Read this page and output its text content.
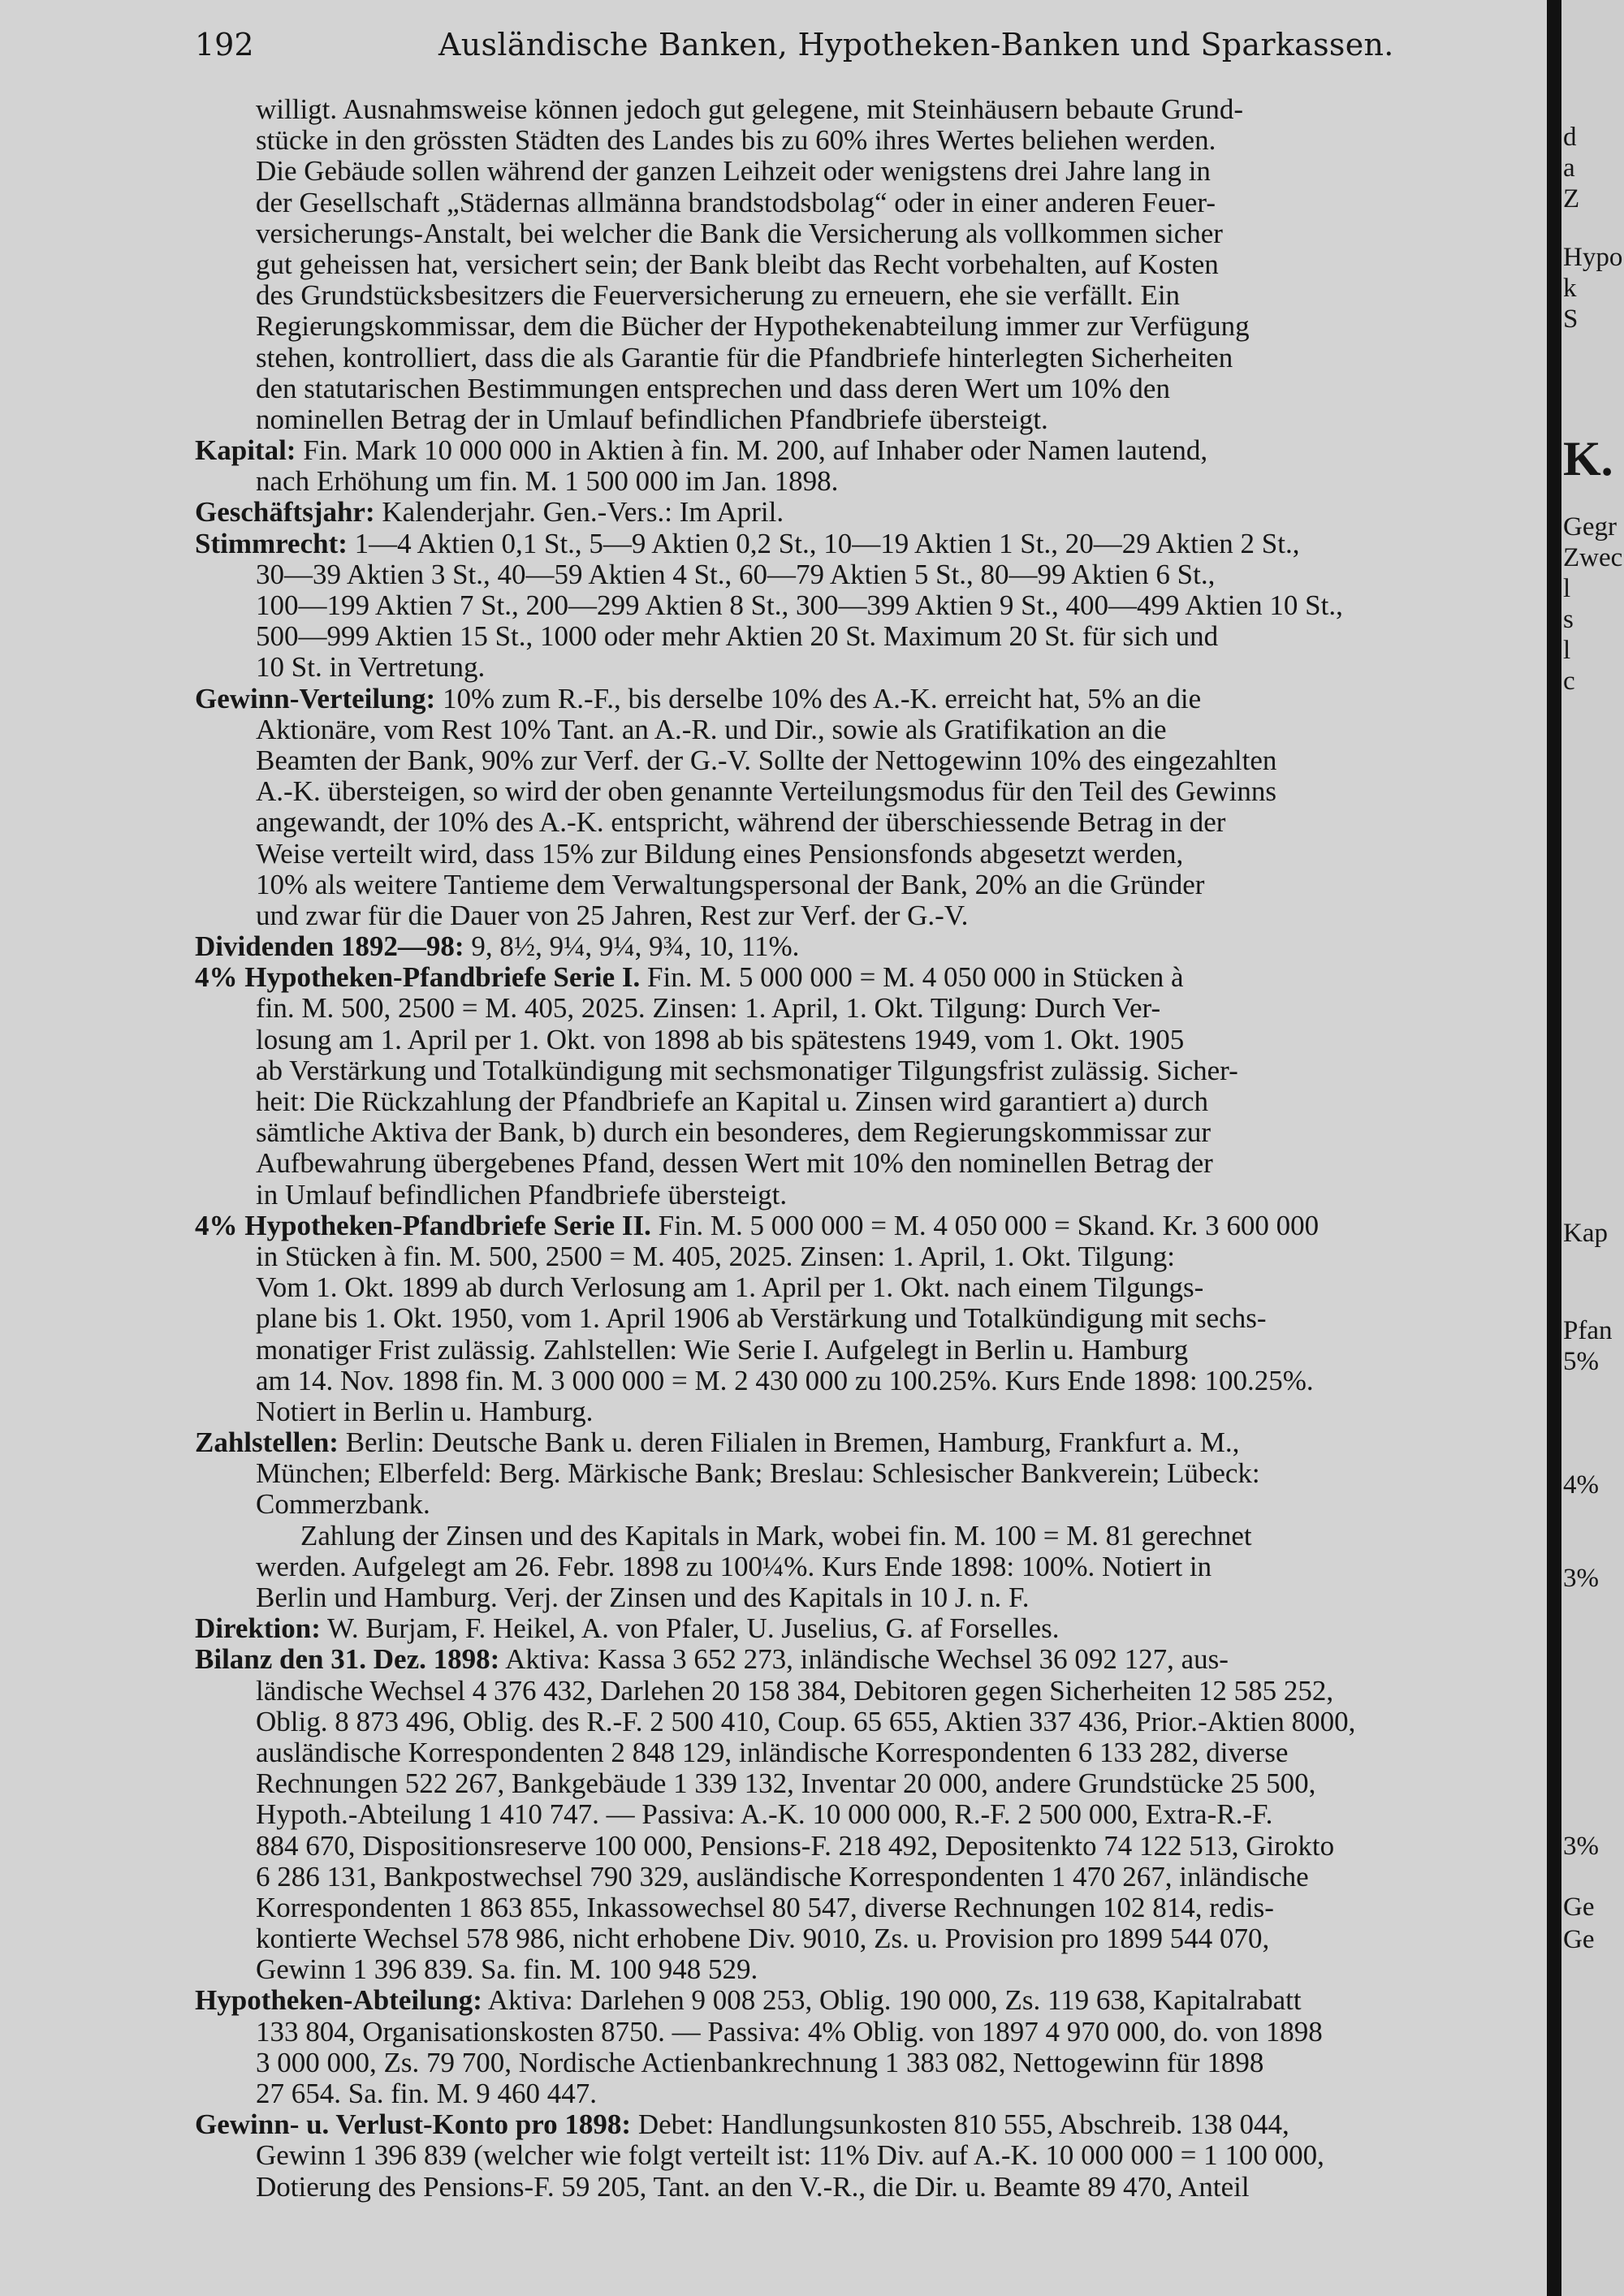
192	Ausländische Banken, Hypotheken-Banken und Sparkassen.
willigt. Ausnahmsweise können jedoch gut gelegene, mit Steinhäusern bebaute Grund-
stücke in den grössten Städten des Landes bis zu 60% ihres Wertes beliehen werden.
Die Gebäude sollen während der ganzen Leihzeit oder wenigstens drei Jahre lang in
der Gesellschaft „Städernas allmänna brandstodsbolag“ oder in einer anderen Feuer-
versicherungs-Anstalt, bei welcher die Bank die Versicherung als vollkommen sicher
gut geheissen hat, versichert sein; der Bank bleibt das Recht vorbehalten, auf Kosten
des Grundstücksbesitzers die Feuerversicherung zu erneuern, ehe sie verfällt. Ein
Regierungskommissar, dem die Bücher der Hypothekenabteilung immer zur Verfügung
stehen, kontrolliert, dass die als Garantie für die Pfandbriefe hinterlegten Sicherheiten
den statutarischen Bestimmungen entsprechen und dass deren Wert um 10% den
nominellen Betrag der in Umlauf befindlichen Pfandbriefe übersteigt.
Kapital: Fin. Mark 10 000 000 in Aktien à fin. M. 200, auf Inhaber oder Namen lautend,
nach Erhöhung um fin. M. 1 500 000 im Jan. 1898.
Geschäftsjahr: Kalenderjahr. Gen.-Vers.: Im April.
Stimmrecht: 1—4 Aktien 0,1 St., 5—9 Aktien 0,2 St., 10—19 Aktien 1 St., 20—29 Aktien 2 St.,
30—39 Aktien 3 St., 40—59 Aktien 4 St., 60—79 Aktien 5 St., 80—99 Aktien 6 St.,
100—199 Aktien 7 St., 200—299 Aktien 8 St., 300—399 Aktien 9 St., 400—499 Aktien 10 St.,
500—999 Aktien 15 St., 1000 oder mehr Aktien 20 St. Maximum 20 St. für sich und
10 St. in Vertretung.
Gewinn-Verteilung: 10% zum R.-F., bis derselbe 10% des A.-K. erreicht hat, 5% an die
Aktionäre, vom Rest 10% Tant. an A.-R. und Dir., sowie als Gratifikation an die
Beamten der Bank, 90% zur Verf. der G.-V. Sollte der Nettogewinn 10% des eingezahlten
A.-K. übersteigen, so wird der oben genannte Verteilungsmodus für den Teil des Gewinns
angewandt, der 10% des A.-K. entspricht, während der überschiessende Betrag in der
Weise verteilt wird, dass 15% zur Bildung eines Pensionsfonds abgesetzt werden,
10% als weitere Tantieme dem Verwaltungspersonal der Bank, 20% an die Gründer
und zwar für die Dauer von 25 Jahren, Rest zur Verf. der G.-V.
Dividenden 1892—98: 9, 8½, 9¼, 9¼, 9¾, 10, 11%.
4% Hypotheken-Pfandbriefe Serie I. Fin. M. 5 000 000 = M. 4 050 000 in Stücken à
fin. M. 500, 2500 = M. 405, 2025. Zinsen: 1. April, 1. Okt. Tilgung: Durch Ver-
losung am 1. April per 1. Okt. von 1898 ab bis spätestens 1949, vom 1. Okt. 1905
ab Verstärkung und Totalkündigung mit sechsmonatiger Tilgungsfrist zulässig. Sicher-
heit: Die Rückzahlung der Pfandbriefe an Kapital u. Zinsen wird garantiert a) durch
sämtliche Aktiva der Bank, b) durch ein besonderes, dem Regierungskommissar zur
Aufbewahrung übergebenes Pfand, dessen Wert mit 10% den nominellen Betrag der
in Umlauf befindlichen Pfandbriefe übersteigt.
4% Hypotheken-Pfandbriefe Serie II. Fin. M. 5 000 000 = M. 4 050 000 = Skand. Kr. 3 600 000
in Stücken à fin. M. 500, 2500 = M. 405, 2025. Zinsen: 1. April, 1. Okt. Tilgung:
Vom 1. Okt. 1899 ab durch Verlosung am 1. April per 1. Okt. nach einem Tilgungs-
plane bis 1. Okt. 1950, vom 1. April 1906 ab Verstärkung und Totalkündigung mit sechs-
monatiger Frist zulässig. Zahlstellen: Wie Serie I. Aufgelegt in Berlin u. Hamburg
am 14. Nov. 1898 fin. M. 3 000 000 = M. 2 430 000 zu 100.25%. Kurs Ende 1898: 100.25%.
Notiert in Berlin u. Hamburg.
Zahlstellen: Berlin: Deutsche Bank u. deren Filialen in Bremen, Hamburg, Frankfurt a. M.,
München; Elberfeld: Berg. Märkische Bank; Breslau: Schlesischer Bankverein; Lübeck:
Commerzbank.
Zahlung der Zinsen und des Kapitals in Mark, wobei fin. M. 100 = M. 81 gerechnet
werden. Aufgelegt am 26. Febr. 1898 zu 100¼%. Kurs Ende 1898: 100%. Notiert in
Berlin und Hamburg. Verj. der Zinsen und des Kapitals in 10 J. n. F.
Direktion: W. Burjam, F. Heikel, A. von Pfaler, U. Juselius, G. af Forselles.
Bilanz den 31. Dez. 1898: Aktiva: Kassa 3 652 273, inländische Wechsel 36 092 127, aus-
ländische Wechsel 4 376 432, Darlehen 20 158 384, Debitoren gegen Sicherheiten 12 585 252,
Oblig. 8 873 496, Oblig. des R.-F. 2 500 410, Coup. 65 655, Aktien 337 436, Prior.-Aktien 8000,
ausländische Korrespondenten 2 848 129, inländische Korrespondenten 6 133 282, diverse
Rechnungen 522 267, Bankgebäude 1 339 132, Inventar 20 000, andere Grundstücke 25 500,
Hypoth.-Abteilung 1 410 747. — Passiva: A.-K. 10 000 000, R.-F. 2 500 000, Extra-R.-F.
884 670, Dispositionsreserve 100 000, Pensions-F. 218 492, Depositenkto 74 122 513, Girokto
6 286 131, Bankpostwechsel 790 329, ausländische Korrespondenten 1 470 267, inländische
Korrespondenten 1 863 855, Inkassowechsel 80 547, diverse Rechnungen 102 814, redis-
kontierte Wechsel 578 986, nicht erhobene Div. 9010, Zs. u. Provision pro 1899 544 070,
Gewinn 1 396 839. Sa. fin. M. 100 948 529.
Hypotheken-Abteilung: Aktiva: Darlehen 9 008 253, Oblig. 190 000, Zs. 119 638, Kapitalrabatt
133 804, Organisationskosten 8750. — Passiva: 4% Oblig. von 1897 4 970 000, do. von 1898
3 000 000, Zs. 79 700, Nordische Actienbankrechnung 1 383 082, Nettogewinn für 1898
27 654. Sa. fin. M. 9 460 447.
Gewinn- u. Verlust-Konto pro 1898: Debet: Handlungsunkosten 810 555, Abschreib. 138 044,
Gewinn 1 396 839 (welcher wie folgt verteilt ist: 11% Div. auf A.-K. 10 000 000 = 1 100 000,
Dotierung des Pensions-F. 59 205, Tant. an den V.-R., die Dir. u. Beamte 89 470, Anteil
d
a
Z
Hypo
k
S
K.
Gegr
Zwec
l
s
l
c
Kap
Pfan
5%
4%
3%
3%
Ge
Ge
